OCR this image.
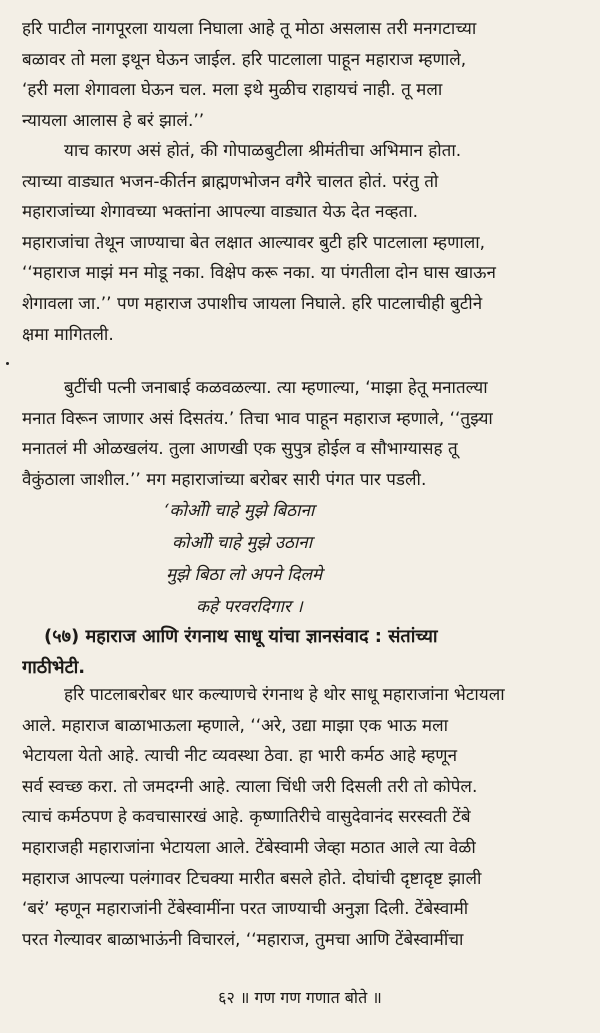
हरि पाटील नागपूरला यायला निघाला आहे तू मोठा असलास तरी मनगटाच्या
बळावर तो मला इथून घेऊन जाईल. हरि पाटलाला पाहून महाराज म्हणाले,
‘हरी मला शेगावला घेऊन चल. मला इथे मुळीच राहायचं नाही. तू मला
न्यायला आलास हे बरं झालं.’’
याच कारण असं होतं, की गोपाळबुटीला श्रीमंतीचा अभिमान होता.
त्याच्या वाड्यात भजन-कीर्तन ब्राह्मणभोजन वगैरे चालत होतं. परंतु तो
महाराजांच्या शेगावच्या भक्तांना आपल्या वाड्यात येऊ देत नव्हता.
महाराजांचा तेथून जाण्याचा बेत लक्षात आल्यावर बुटी हरि पाटलाला म्हणाला,
‘‘महाराज माझं मन मोडू नका. विक्षेप करू नका. या पंगतीला दोन घास खाऊन
शेगावला जा.’’ पण महाराज उपाशीच जायला निघाले. हरि पाटलाचीही बुटीने
क्षमा मागितली.
बुटींची पत्नी जनाबाई कळवळल्या. त्या म्हणाल्या, ‘माझा हेतू मनातल्या
मनात विरून जाणार असं दिसतंय.’ तिचा भाव पाहून महाराज म्हणाले, ‘‘तुझ्या
मनातलं मी ओळखलंय. तुला आणखी एक सुपुत्र होईल व सौभाग्यासह तू
वैकुंठाला जाशील.’’ मग महाराजांच्या बरोबर सारी पंगत पार पडली.
‘कोओी चाहे मुझे बिठाना
कोओी चाहे मुझे उठाना
मुझे बिठा लो अपने दिलमे
कहे परवरदिगार ।
(५७) महाराज आणि रंगनाथ साधू यांचा ज्ञानसंवाद : संतांच्या
गाठीभेटी.
हरि पाटलाबरोबर धार कल्याणचे रंगनाथ हे थोर साधू महाराजांना भेटायला
आले. महाराज बाळाभाऊला म्हणाले, ‘‘अरे, उद्या माझा एक भाऊ मला
भेटायला येतो आहे. त्याची नीट व्यवस्था ठेवा. हा भारी कर्मठ आहे म्हणून
सर्व स्वच्छ करा. तो जमदग्नी आहे. त्याला चिंधी जरी दिसली तरी तो कोपेल.
त्याचं कर्मठपण हे कवचासारखं आहे. कृष्णातिरीचे वासुदेवानंद सरस्वती टेंबे
महाराजही महाराजांना भेटायला आले. टेंबेस्वामी जेव्हा मठात आले त्या वेळी
महाराज आपल्या पलंगावर टिचक्या मारीत बसले होते. दोघांची दृष्टादृष्ट झाली
‘बरं’ म्हणून महाराजांनी टेंबेस्वामींना परत जाण्याची अनुज्ञा दिली. टेंबेस्वामी
परत गेल्यावर बाळाभाऊंनी विचारलं, ‘‘महाराज, तुमचा आणि टेंबेस्वामींचा
६२ ॥ गण गण गणात बोते ॥
